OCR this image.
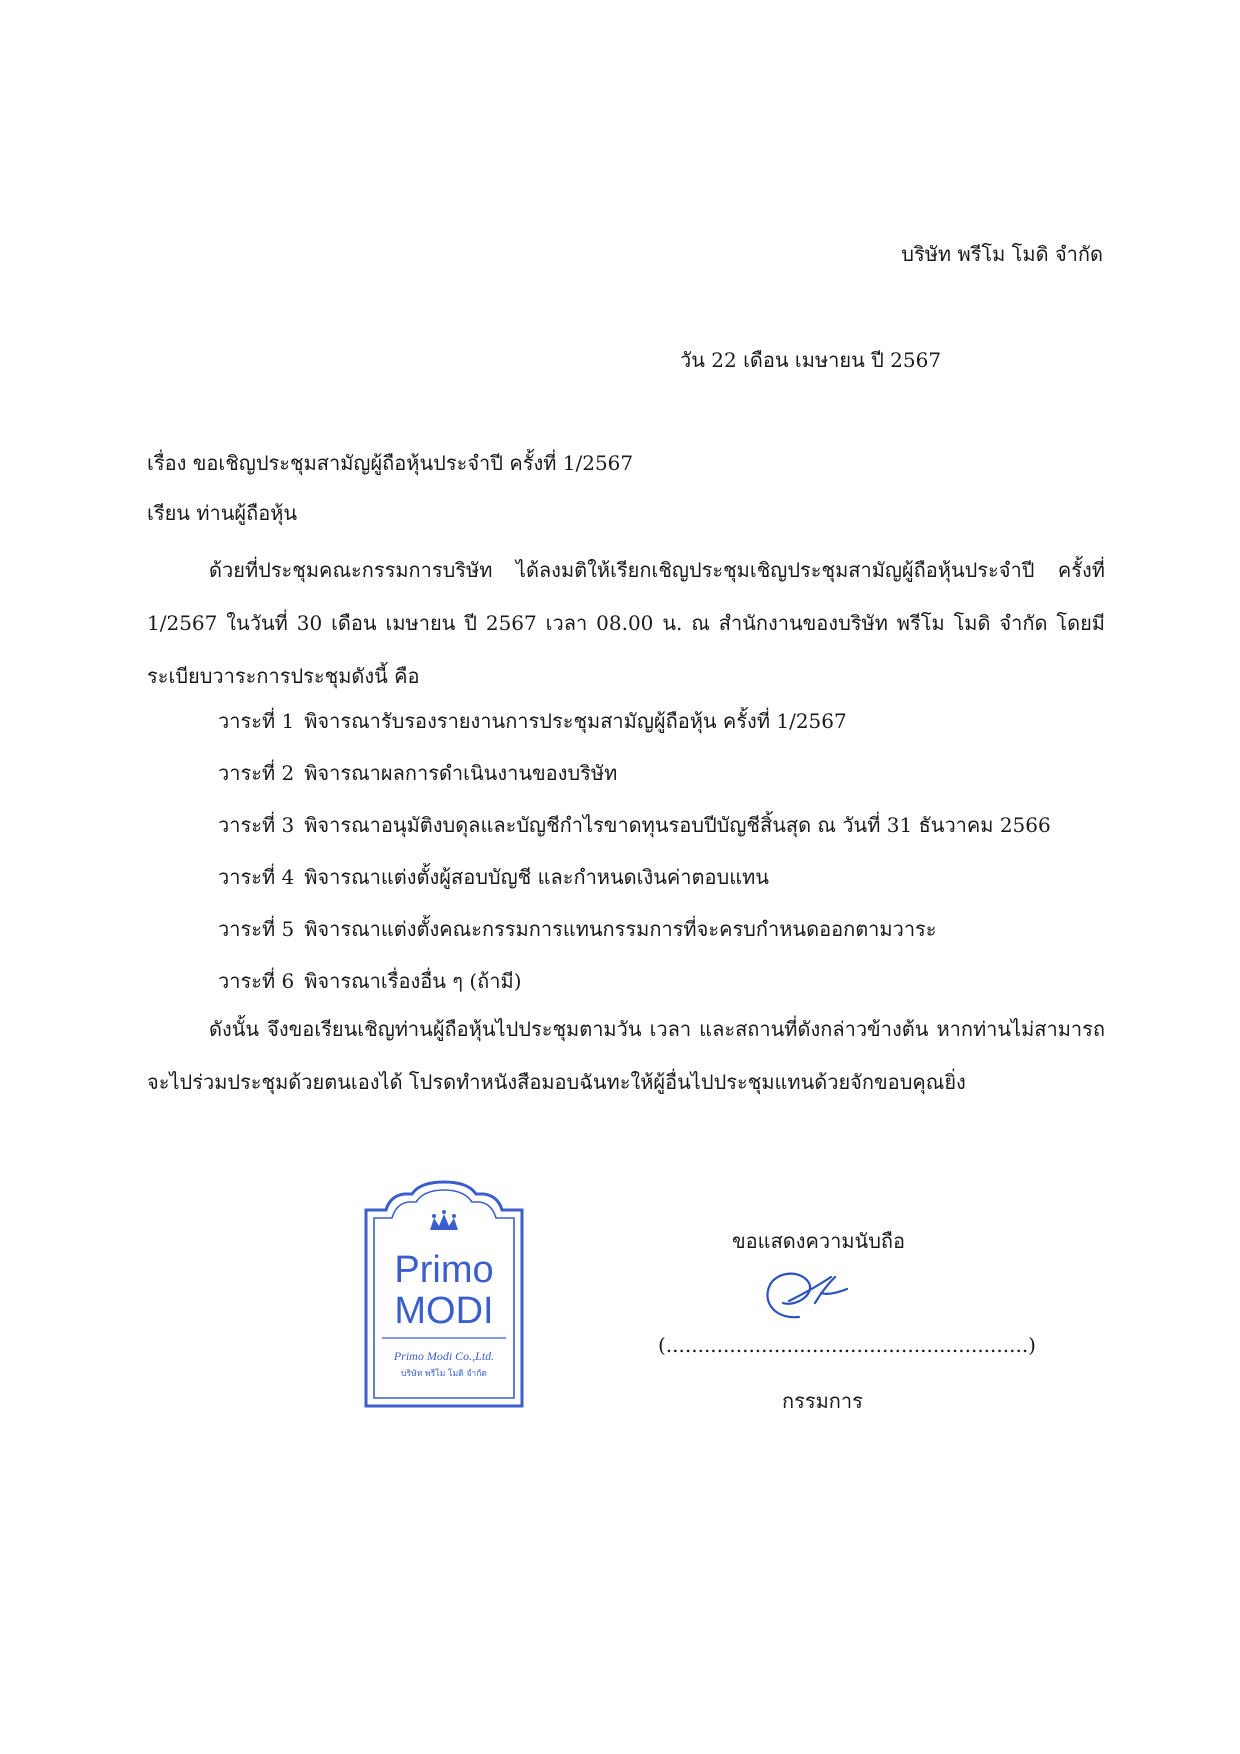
บริษัท พรีโม โมดิ จำกัด
วัน 22 เดือน เมษายน ปี 2567
เรื่อง ขอเชิญประชุมสามัญผู้ถือหุ้นประจำปี ครั้งที่ 1/2567
เรียน ท่านผู้ถือหุ้น
ด้วยที่ประชุมคณะกรรมการบริษัท ได้ลงมติให้เรียกเชิญประชุมเชิญประชุมสามัญผู้ถือหุ้นประจำปี ครั้งที่ 1/2567 ในวันที่ 30 เดือน เมษายน ปี 2567 เวลา 08.00 น. ณ สำนักงานของบริษัท พรีโม โมดิ จำกัด โดยมีระเบียบวาระการประชุมดังนี้ คือ
วาระที่ 1 พิจารณารับรองรายงานการประชุมสามัญผู้ถือหุ้น ครั้งที่ 1/2567
วาระที่ 2 พิจารณาผลการดำเนินงานของบริษัท
วาระที่ 3 พิจารณาอนุมัติงบดุลและบัญชีกำไรขาดทุนรอบปีบัญชีสิ้นสุด ณ วันที่ 31 ธันวาคม 2566
วาระที่ 4 พิจารณาแต่งตั้งผู้สอบบัญชี และกำหนดเงินค่าตอบแทน
วาระที่ 5 พิจารณาแต่งตั้งคณะกรรมการแทนกรรมการที่จะครบกำหนดออกตามวาระ
วาระที่ 6 พิจารณาเรื่องอื่น ๆ (ถ้ามี)
ดังนั้น จึงขอเรียนเชิญท่านผู้ถือหุ้นไปประชุมตามวัน เวลา และสถานที่ดังกล่าวข้างต้น หากท่านไม่สามารถจะไปร่วมประชุมด้วยตนเองได้ โปรดทำหนังสือมอบฉันทะให้ผู้อื่นไปประชุมแทนด้วยจักขอบคุณยิ่ง
Primo
MODI
Primo Modi Co.,Ltd.
บริษัท พรีโม โมดิ จำกัด
ขอแสดงความนับถือ
(.........................................................)
กรรมการ
